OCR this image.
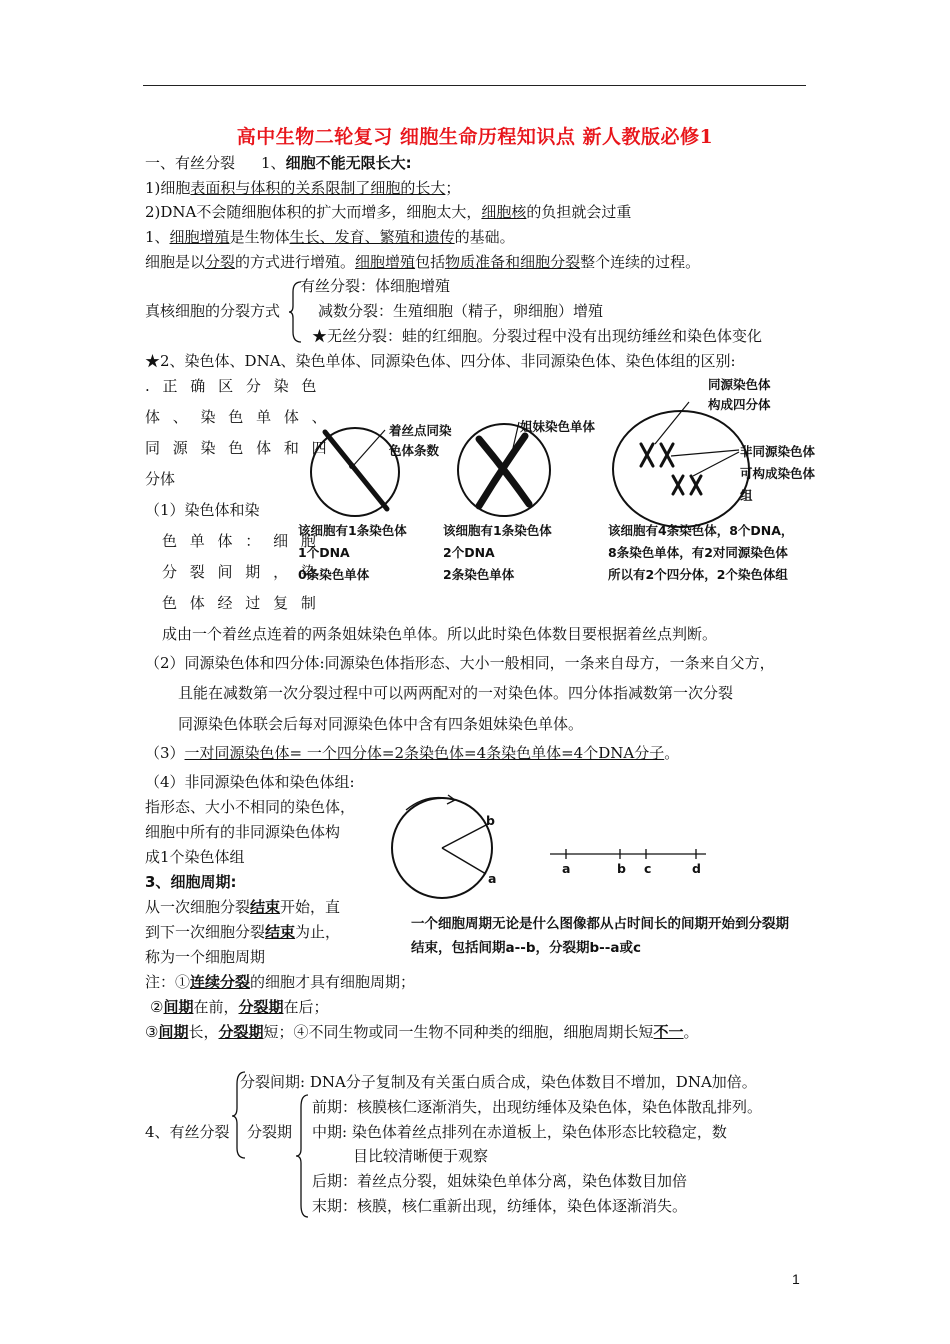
高中生物二轮复习 细胞生命历程知识点 新人教版必修1
一、有丝分裂 1、细胞不能无限长大:
1)细胞表面积与体积的关系限制了细胞的长大；
2)DNA不会随细胞体积的扩大而增多，细胞太大，细胞核的负担就会过重
1、细胞增殖是生物体生长、发育、繁殖和遗传的基础。
细胞是以分裂的方式进行增殖。细胞增殖包括物质准备和细胞分裂整个连续的过程。
真核细胞的分裂方式
有丝分裂：体细胞增殖
减数分裂：生殖细胞（精子，卵细胞）增殖
★无丝分裂：蛙的红细胞。分裂过程中没有出现纺缍丝和染色体变化
★2、染色体、DNA、染色单体、同源染色体、四分体、非同源染色体、染色体组的区别:
. 正 确 区 分 染 色
体 、 染 色 单 体 、
同 源 染 色 体 和 四
分体
（1）染色体和染
色 单 体 ： 细 胞
分 裂 间 期 ， 染
色 体 经 过 复 制
着丝点同染
色体条数
姐妹染色单体
同源染色体
构成四分体
非同源染色体
可构成染色体
组
该细胞有1条染色体
1个DNA
0条染色单体
该细胞有1条染色体
2个DNA
2条染色单体
该细胞有4条染色体，8个DNA，
8条染色单体，有2对同源染色体
所以有2个四分体，2个染色体组
成由一个着丝点连着的两条姐妹染色单体。所以此时染色体数目要根据着丝点判断。
（2）同源染色体和四分体:同源染色体指形态、大小一般相同，一条来自母方，一条来自父方，
且能在减数第一次分裂过程中可以两两配对的一对染色体。四分体指减数第一次分裂
同源染色体联会后每对同源染色体中含有四条姐妹染色单体。
（3）一对同源染色体= 一个四分体=2条染色体=4条染色单体=4个DNA分子。
（4）非同源染色体和染色体组:
指形态、大小不相同的染色体，
细胞中所有的非同源染色体构
成1个染色体组
3、细胞周期:
从一次细胞分裂结束开始，直
到下一次细胞分裂结束为止，
称为一个细胞周期
b
a
a	b c	d
一个细胞周期无论是什么图像都从占时间长的间期开始到分裂期
结束，包括间期a--b，分裂期b--a或c
注：①连续分裂的细胞才具有细胞周期；
②间期在前，分裂期在后；
③间期长，分裂期短；④不同生物或同一生物不同种类的细胞，细胞周期长短不一。
4、有丝分裂
分裂间期: DNA分子复制及有关蛋白质合成，染色体数目不增加，DNA加倍。
分裂期
前期：核膜核仁逐渐消失，出现纺缍体及染色体，染色体散乱排列。
中期: 染色体着丝点排列在赤道板上，染色体形态比较稳定，数
目比较清晰便于观察
后期：着丝点分裂，姐妹染色单体分离，染色体数目加倍
末期：核膜，核仁重新出现，纺缍体，染色体逐渐消失。
1
